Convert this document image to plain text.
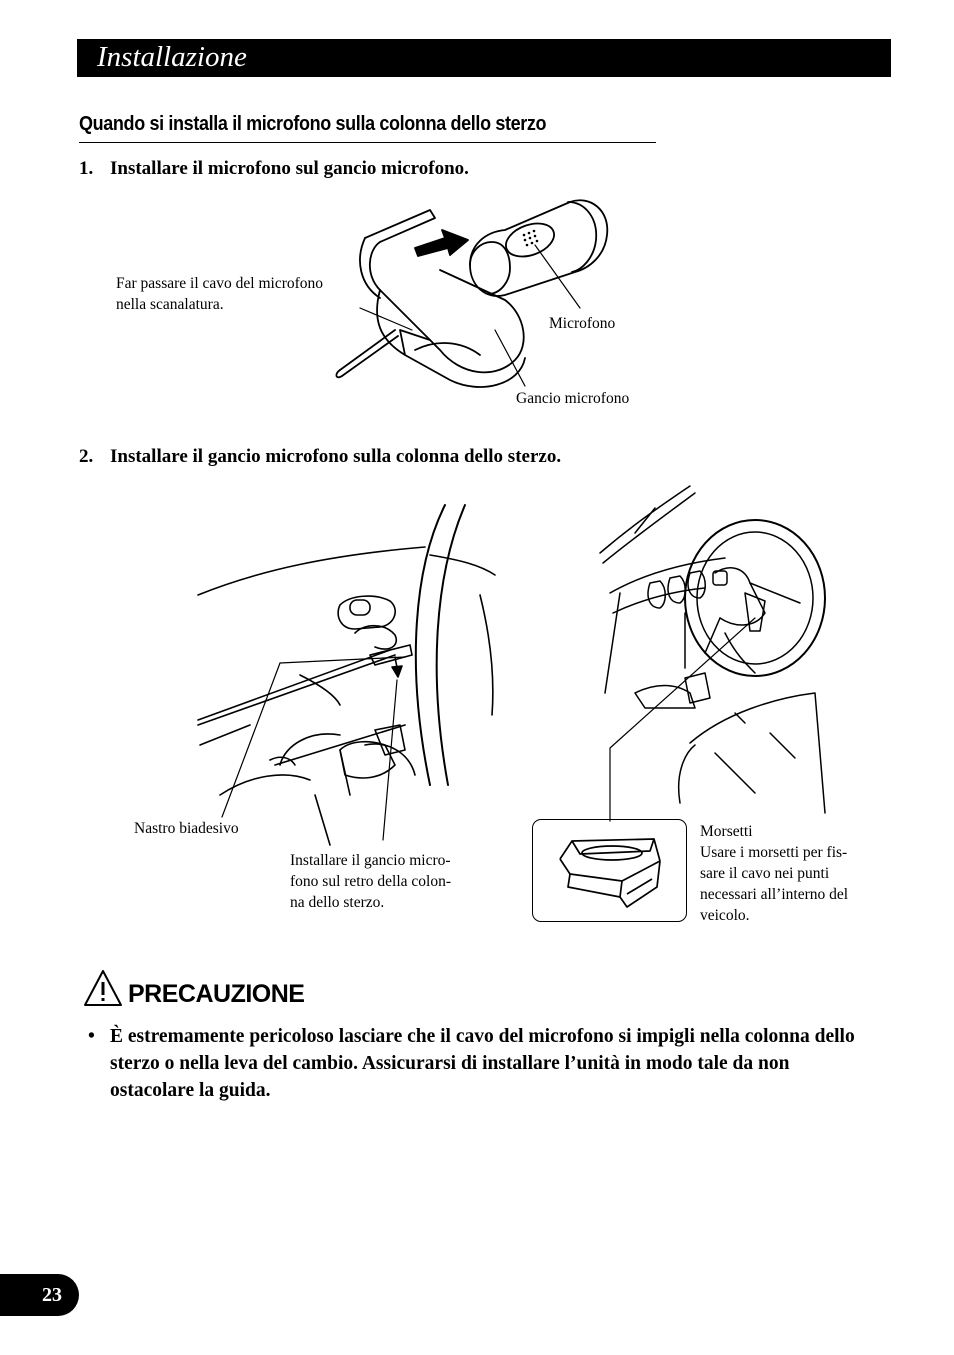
Installazione
Quando si installa il microfono sulla colonna dello sterzo
1. Installare il microfono sul gancio microfono.
Far passare il cavo del microfono
nella scanalatura.
Microfono
Gancio microfono
2. Installare il gancio microfono sulla colonna dello sterzo.
Nastro biadesivo
Installare il gancio micro-
fono sul retro della colon-
na dello sterzo.
Morsetti
Usare i morsetti per fis-
sare il cavo nei punti
necessari all’interno del
veicolo.
PRECAUZIONE
• È estremamente pericoloso lasciare che il cavo del microfono si impigli nella colonna dello sterzo o nella leva del cambio. Assicurarsi di installare l’unità in modo tale da non ostacolare la guida.
23
